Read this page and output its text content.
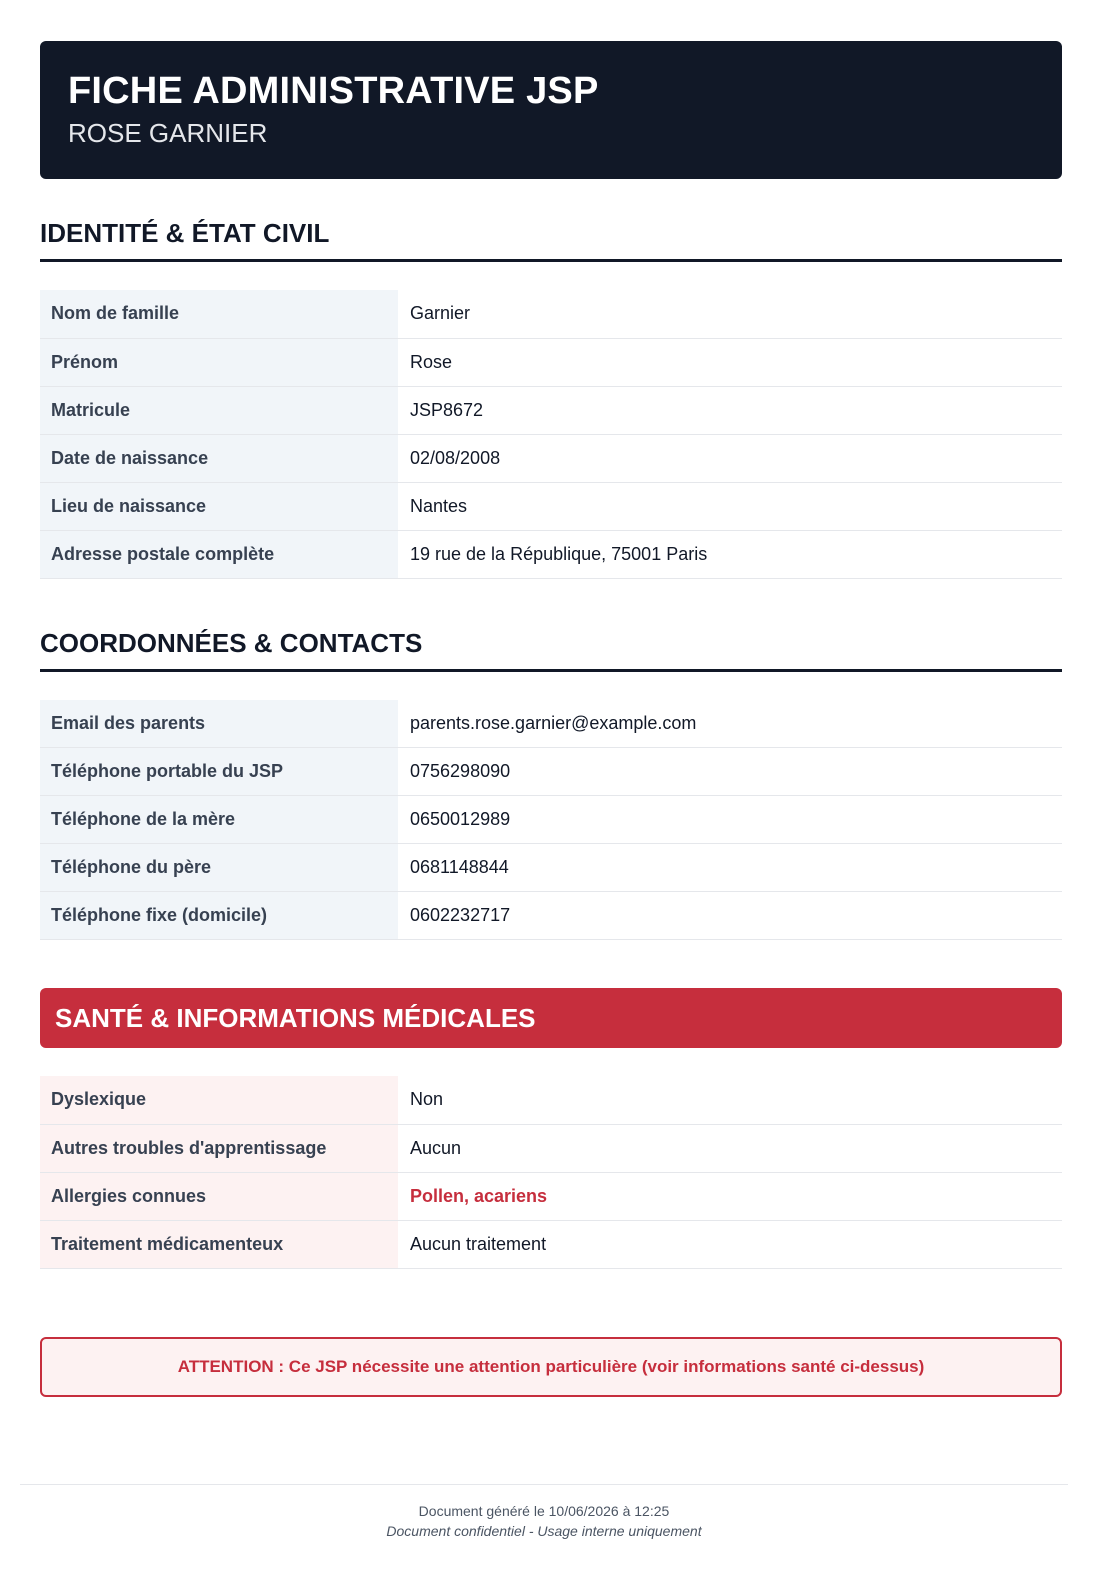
FICHE ADMINISTRATIVE JSP
ROSE GARNIER
IDENTITÉ & ÉTAT CIVIL
Nom de famille	Garnier
Prénom	Rose
Matricule	JSP8672
Date de naissance	02/08/2008
Lieu de naissance	Nantes
Adresse postale complète	19 rue de la République, 75001 Paris
COORDONNÉES & CONTACTS
Email des parents	parents.rose.garnier@example.com
Téléphone portable du JSP	0756298090
Téléphone de la mère	0650012989
Téléphone du père	0681148844
Téléphone fixe (domicile)	0602232717
SANTÉ & INFORMATIONS MÉDICALES
Dyslexique	Non
Autres troubles d'apprentissage	Aucun
Allergies connues	Pollen, acariens
Traitement médicamenteux	Aucun traitement
ATTENTION : Ce JSP nécessite une attention particulière (voir informations santé ci-dessus)
Document généré le 10/06/2026 à 12:25
Document confidentiel - Usage interne uniquement
